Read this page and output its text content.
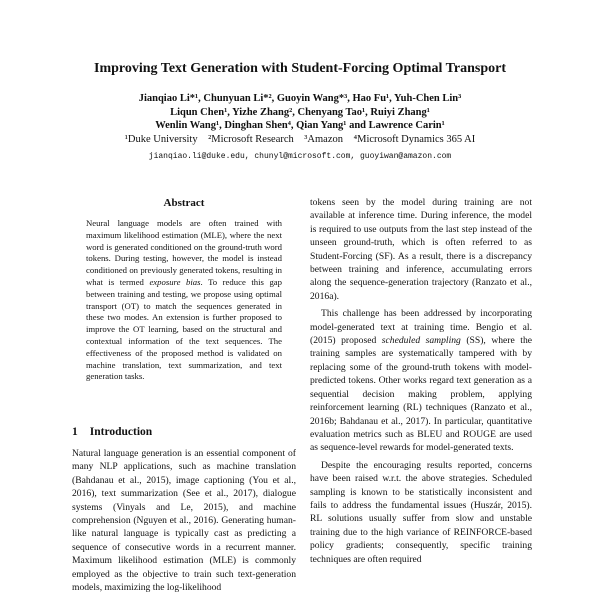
Improving Text Generation with Student-Forcing Optimal Transport
Jianqiao Li*¹, Chunyuan Li*², Guoyin Wang*³, Hao Fu¹, Yuh-Chen Lin³
Liqun Chen¹, Yizhe Zhang², Chenyang Tao¹, Ruiyi Zhang¹
Wenlin Wang¹, Dinghan Shen⁴, Qian Yang¹ and Lawrence Carin¹
¹Duke University    ²Microsoft Research    ³Amazon    ⁴Microsoft Dynamics 365 AI
jianqiao.li@duke.edu, chunyl@microsoft.com, guoyiwan@amazon.com
Abstract
Neural language models are often trained with maximum likelihood estimation (MLE), where the next word is generated conditioned on the ground-truth word tokens. During testing, however, the model is instead conditioned on previously generated tokens, resulting in what is termed exposure bias. To reduce this gap between training and testing, we propose using optimal transport (OT) to match the sequences generated in these two modes. An extension is further proposed to improve the OT learning, based on the structural and contextual information of the text sequences. The effectiveness of the proposed method is validated on machine translation, text summarization, and text generation tasks.
1 Introduction
Natural language generation is an essential component of many NLP applications, such as machine translation (Bahdanau et al., 2015), image captioning (You et al., 2016), text summarization (See et al., 2017), dialogue systems (Vinyals and Le, 2015), and machine comprehension (Nguyen et al., 2016). Generating human-like natural language is typically cast as predicting a sequence of consecutive words in a recurrent manner. Maximum likelihood estimation (MLE) is commonly employed as the objective to train such text-generation models, maximizing the log-likelihood

tokens seen by the model during training are not available at inference time. During inference, the model is required to use outputs from the last step instead of the unseen ground-truth, which is often referred to as Student-Forcing (SF). As a result, there is a discrepancy between training and inference, accumulating errors along the sequence-generation trajectory (Ranzato et al., 2016a).

This challenge has been addressed by incorporating model-generated text at training time. Bengio et al. (2015) proposed scheduled sampling (SS), where the training samples are systematically tampered with by replacing some of the ground-truth tokens with model-predicted tokens. Other works regard text generation as a sequential decision making problem, applying reinforcement learning (RL) techniques (Ranzato et al., 2016b; Bahdanau et al., 2017). In particular, quantitative evaluation metrics such as BLEU and ROUGE are used as sequence-level rewards for model-generated texts.

Despite the encouraging results reported, concerns have been raised w.r.t. the above strategies. Scheduled sampling is known to be statistically inconsistent and fails to address the fundamental issues (Huszár, 2015). RL solutions usually suffer from slow and unstable training due to the high variance of REINFORCE-based policy gradients; consequently, specific training techniques are often required
